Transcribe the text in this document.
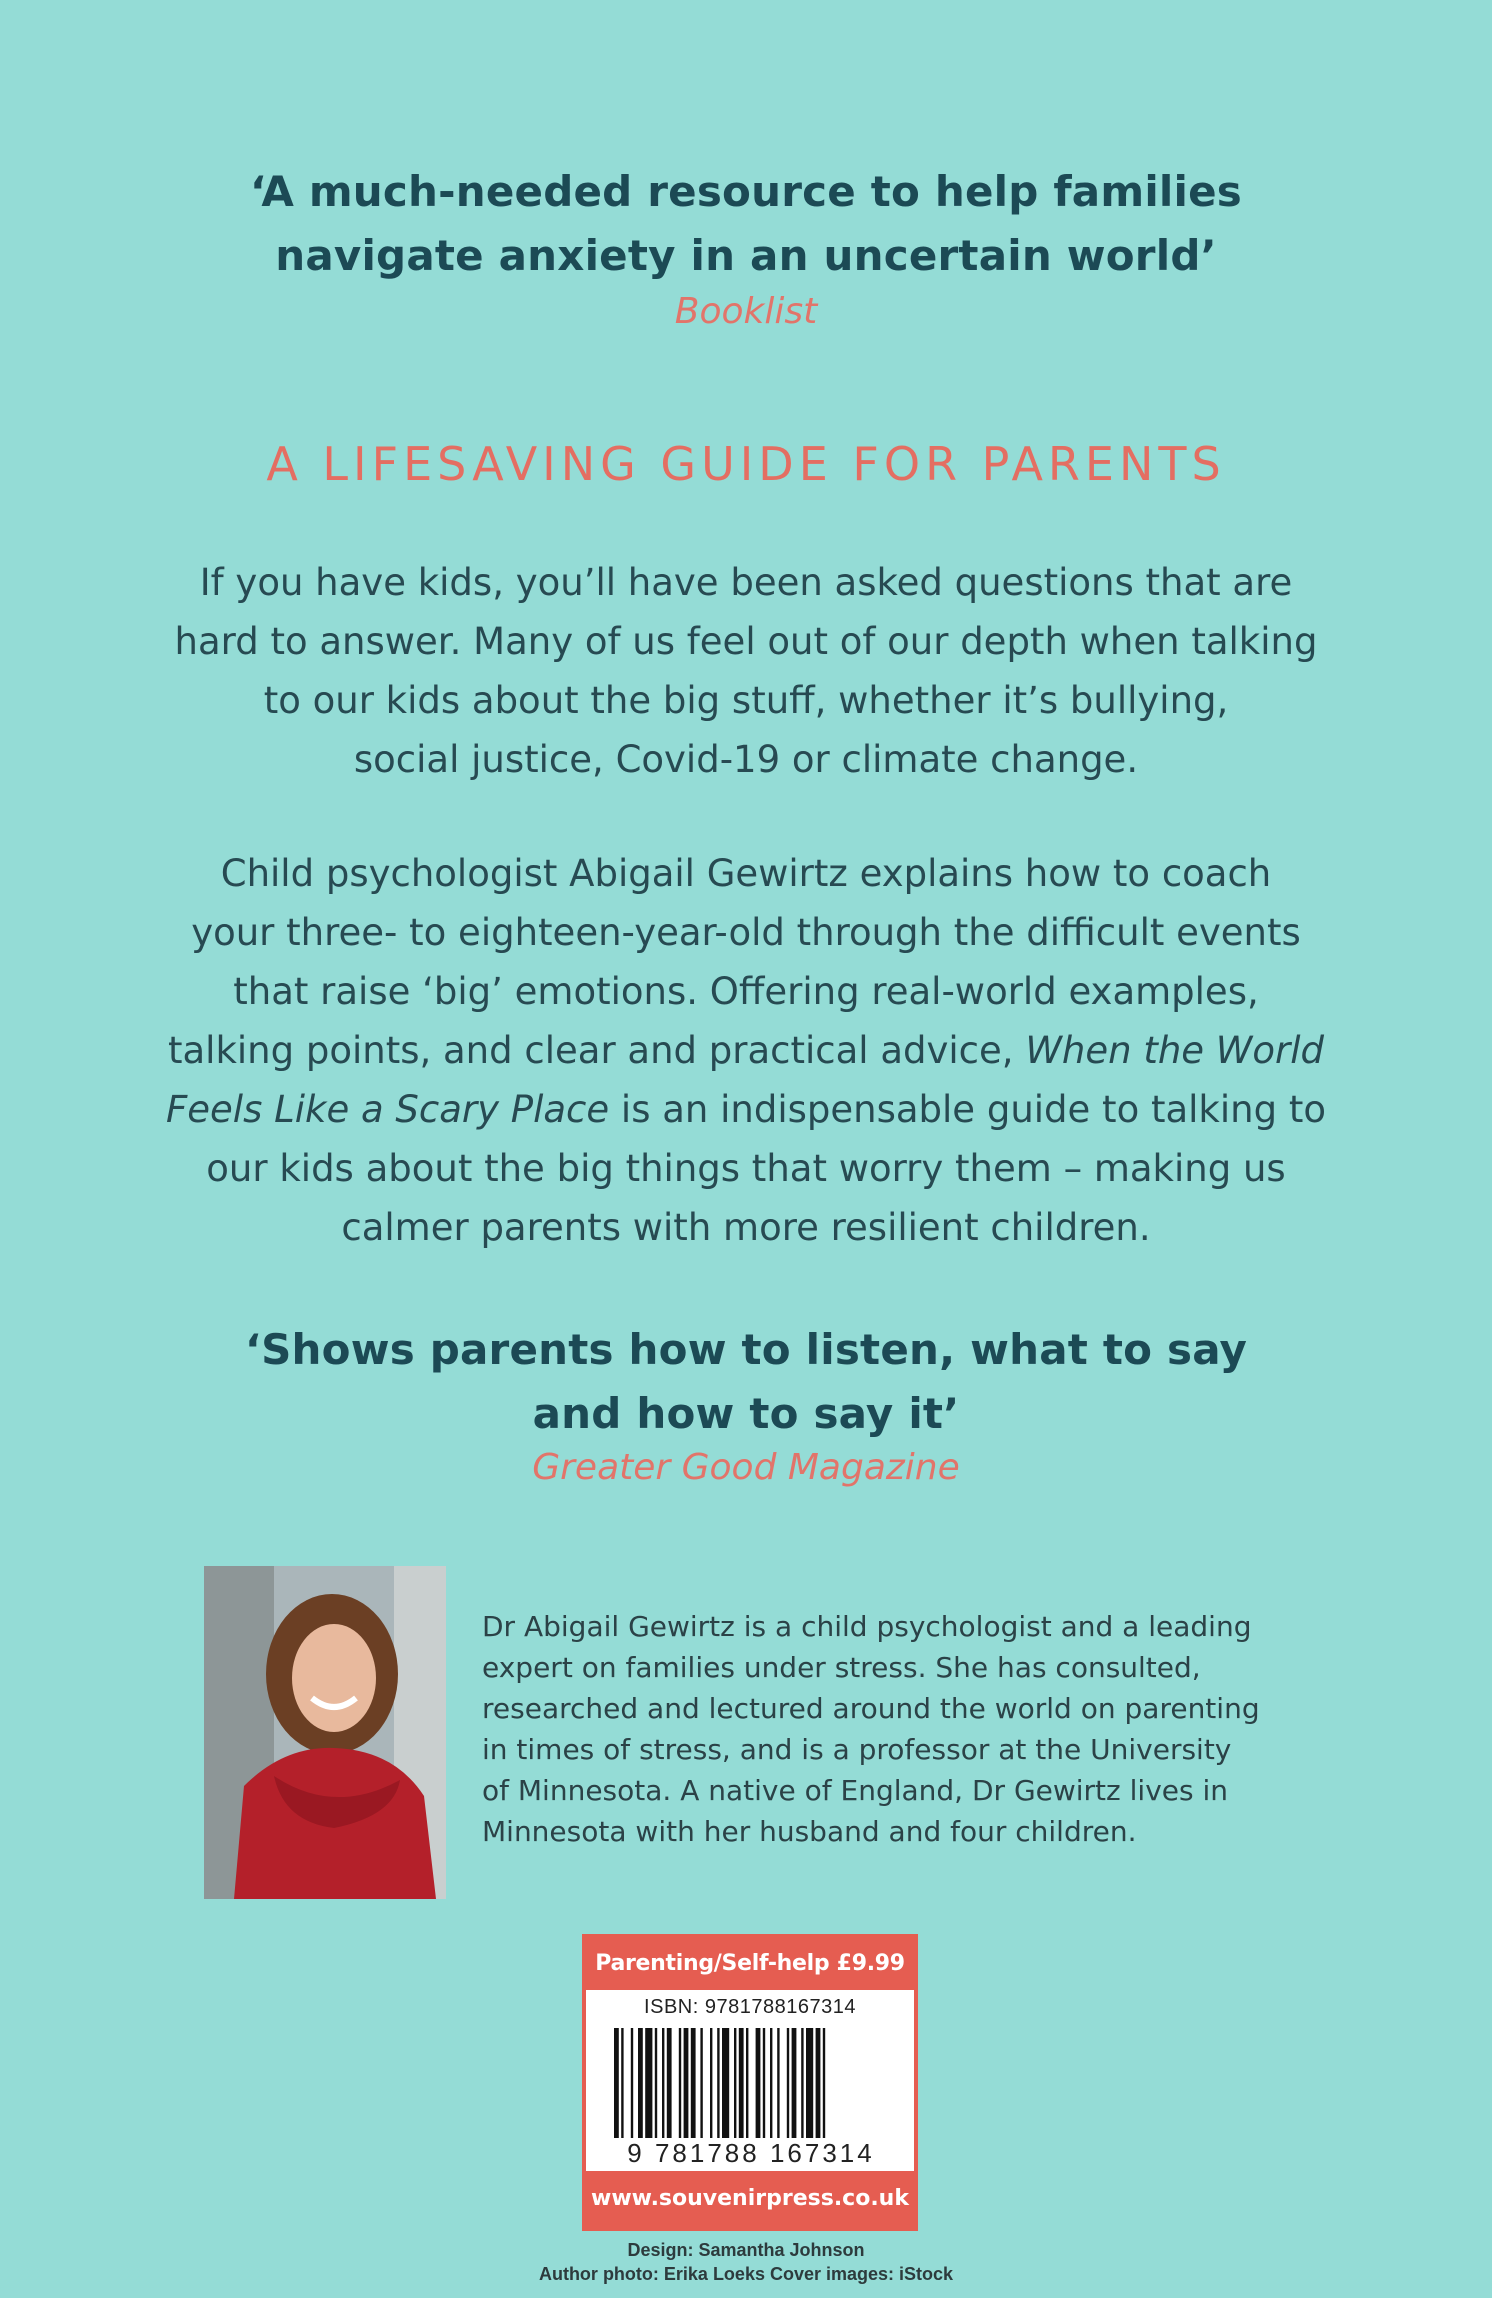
‘A much-needed resource to help families
navigate anxiety in an uncertain world’
Booklist
A LIFESAVING GUIDE FOR PARENTS
If you have kids, you’ll have been asked questions that are
hard to answer. Many of us feel out of our depth when talking
to our kids about the big stuff, whether it’s bullying,
social justice, Covid-19 or climate change.
Child psychologist Abigail Gewirtz explains how to coach
your three- to eighteen-year-old through the difficult events
that raise ‘big’ emotions. Offering real-world examples,
talking points, and clear and practical advice, When the World
Feels Like a Scary Place is an indispensable guide to talking to
our kids about the big things that worry them – making us
calmer parents with more resilient children.
‘Shows parents how to listen, what to say
and how to say it’
Greater Good Magazine
Dr Abigail Gewirtz is a child psychologist and a leading
expert on families under stress. She has consulted,
researched and lectured around the world on parenting
in times of stress, and is a professor at the University
of Minnesota. A native of England, Dr Gewirtz lives in
Minnesota with her husband and four children.
Parenting/Self-help £9.99
ISBN: 9781788167314
9 781788 167314
www.souvenirpress.co.uk
Design: Samantha Johnson
Author photo: Erika Loeks Cover images: iStock
